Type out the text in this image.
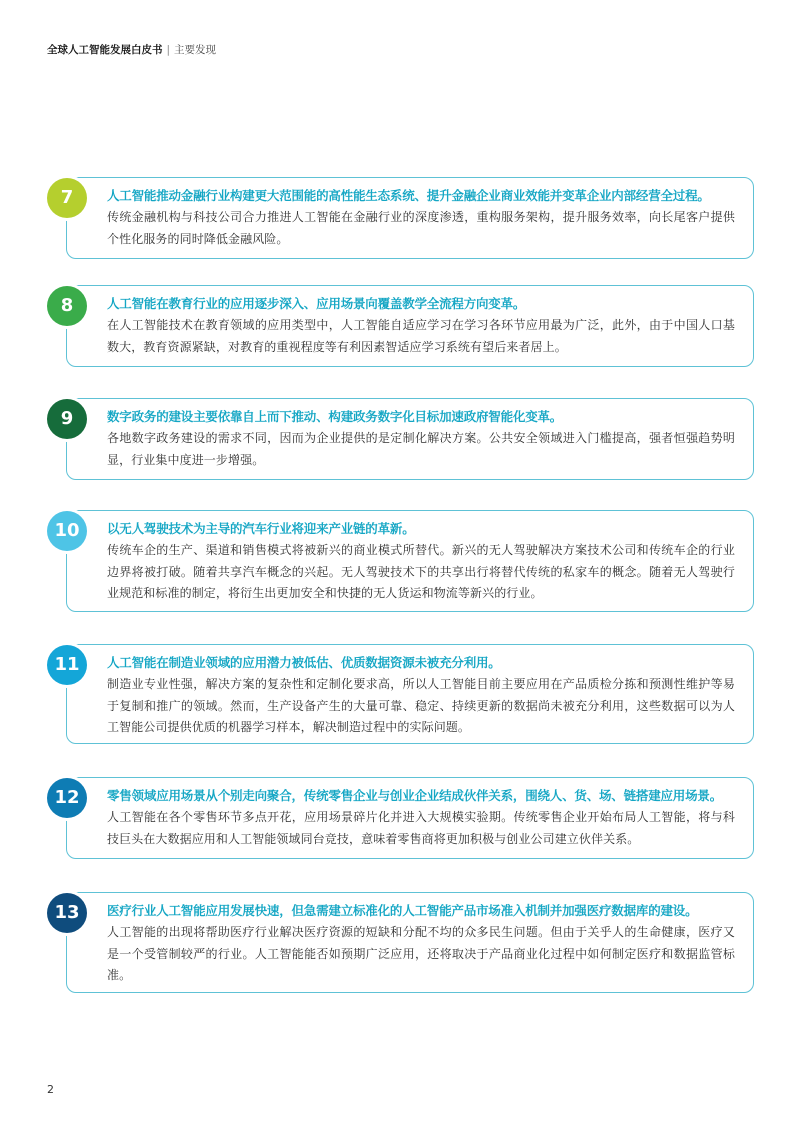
全球人工智能发展白皮书 | 主要发现
7	人工智能推动金融行业构建更大范围能的高性能生态系统、提升金融企业商业效能并变革企业内部经营全过程。
传统金融机构与科技公司合力推进人工智能在金融行业的深度渗透，重构服务架构，提升服务效率，向长尾客户提供个性化服务的同时降低金融风险。
8	人工智能在教育行业的应用逐步深入、应用场景向覆盖教学全流程方向变革。
在人工智能技术在教育领域的应用类型中，人工智能自适应学习在学习各环节应用最为广泛，此外，由于中国人口基数大，教育资源紧缺，对教育的重视程度等有利因素智适应学习系统有望后来者居上。
9	数字政务的建设主要依靠自上而下推动、构建政务数字化目标加速政府智能化变革。
各地数字政务建设的需求不同，因而为企业提供的是定制化解决方案。公共安全领域进入门槛提高，强者恒强趋势明显，行业集中度进一步增强。
10	以无人驾驶技术为主导的汽车行业将迎来产业链的革新。
传统车企的生产、渠道和销售模式将被新兴的商业模式所替代。新兴的无人驾驶解决方案技术公司和传统车企的行业边界将被打破。随着共享汽车概念的兴起。无人驾驶技术下的共享出行将替代传统的私家车的概念。随着无人驾驶行业规范和标准的制定，将衍生出更加安全和快捷的无人货运和物流等新兴的行业。
11	人工智能在制造业领域的应用潜力被低估、优质数据资源未被充分利用。
制造业专业性强，解决方案的复杂性和定制化要求高，所以人工智能目前主要应用在产品质检分拣和预测性维护等易于复制和推广的领域。然而，生产设备产生的大量可靠、稳定、持续更新的数据尚未被充分利用，这些数据可以为人工智能公司提供优质的机器学习样本，解决制造过程中的实际问题。
12	零售领域应用场景从个别走向聚合，传统零售企业与创业企业结成伙伴关系，围绕人、货、场、链搭建应用场景。
人工智能在各个零售环节多点开花，应用场景碎片化并进入大规模实验期。传统零售企业开始布局人工智能，将与科技巨头在大数据应用和人工智能领域同台竞技，意味着零售商将更加积极与创业公司建立伙伴关系。
13	医疗行业人工智能应用发展快速，但急需建立标准化的人工智能产品市场准入机制并加强医疗数据库的建设。
人工智能的出现将帮助医疗行业解决医疗资源的短缺和分配不均的众多民生问题。但由于关乎人的生命健康，医疗又是一个受管制较严的行业。人工智能能否如预期广泛应用，还将取决于产品商业化过程中如何制定医疗和数据监管标准。
2
